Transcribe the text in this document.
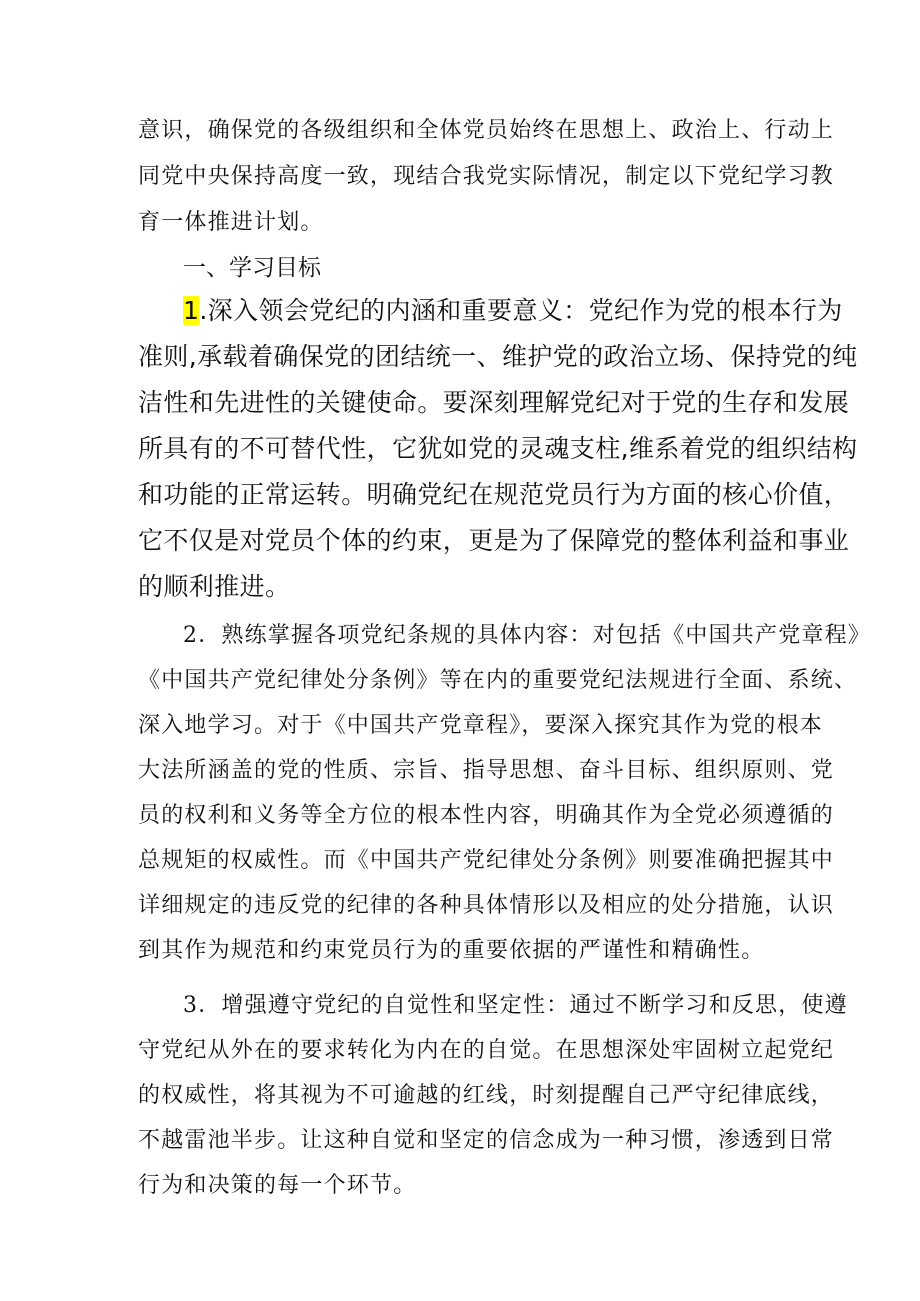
意识，确保党的各级组织和全体党员始终在思想上、政治上、行动上
同党中央保持高度一致，现结合我党实际情况，制定以下党纪学习教
育一体推进计划。
一、学习目标
1.深入领会党纪的内涵和重要意义：党纪作为党的根本行为
准则,承载着确保党的团结统一、维护党的政治立场、保持党的纯
洁性和先进性的关键使命。要深刻理解党纪对于党的生存和发展
所具有的不可替代性，它犹如党的灵魂支柱,维系着党的组织结构
和功能的正常运转。明确党纪在规范党员行为方面的核心价值，
它不仅是对党员个体的约束，更是为了保障党的整体利益和事业
的顺利推进。
2．熟练掌握各项党纪条规的具体内容：对包括《中国共产党章程》
《中国共产党纪律处分条例》等在内的重要党纪法规进行全面、系统、
深入地学习。对于《中国共产党章程》，要深入探究其作为党的根本
大法所涵盖的党的性质、宗旨、指导思想、奋斗目标、组织原则、党
员的权利和义务等全方位的根本性内容，明确其作为全党必须遵循的
总规矩的权威性。而《中国共产党纪律处分条例》则要准确把握其中
详细规定的违反党的纪律的各种具体情形以及相应的处分措施，认识
到其作为规范和约束党员行为的重要依据的严谨性和精确性。
3．增强遵守党纪的自觉性和坚定性：通过不断学习和反思，使遵
守党纪从外在的要求转化为内在的自觉。在思想深处牢固树立起党纪
的权威性，将其视为不可逾越的红线，时刻提醒自己严守纪律底线，
不越雷池半步。让这种自觉和坚定的信念成为一种习惯，渗透到日常
行为和决策的每一个环节。
